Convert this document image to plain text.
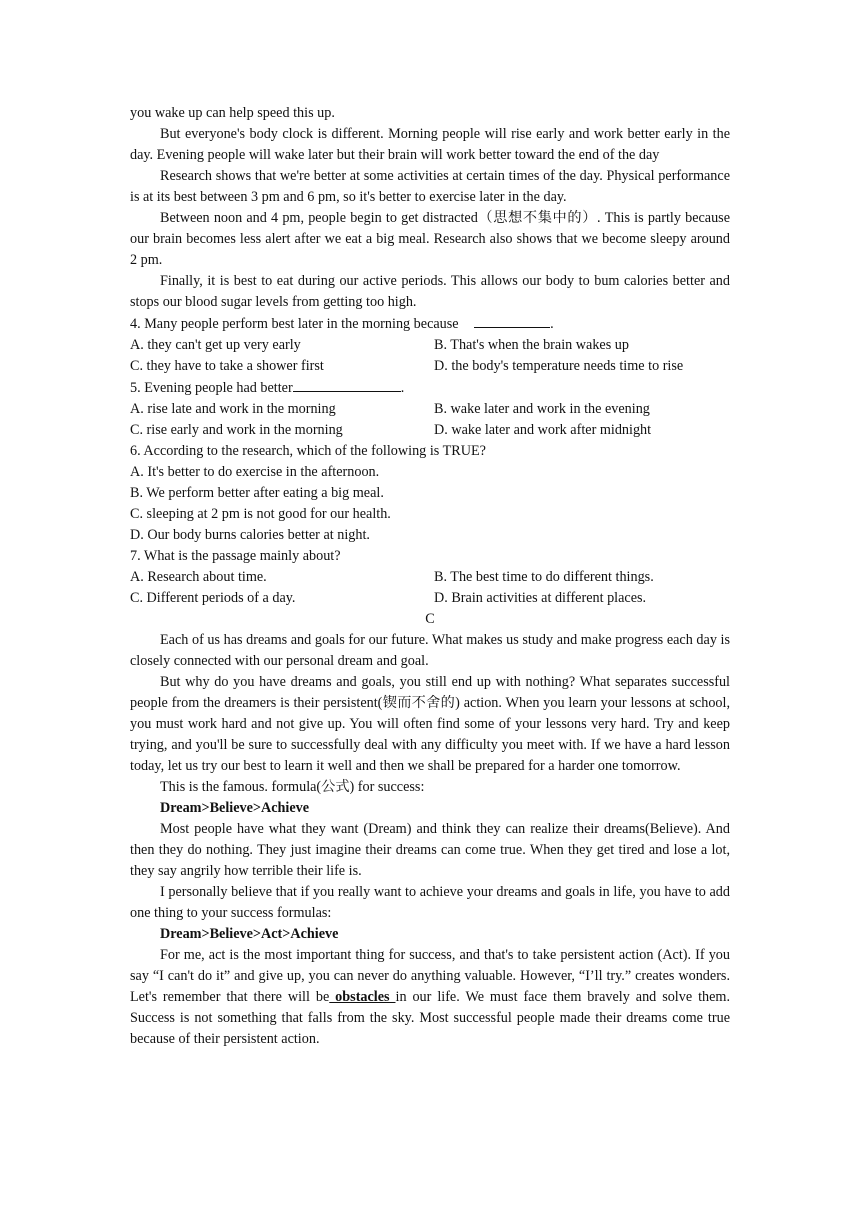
you wake up can help speed this up.

But everyone's body clock is different. Morning people will rise early and work better early in the day. Evening people will wake later but their brain will work better toward the end of the day

Research shows that we're better at some activities at certain times of the day. Physical performance is at its best between 3 pm and 6 pm, so it's better to exercise later in the day.

Between noon and 4 pm, people begin to get distracted（思想不集中的）. This is partly because our brain becomes less alert after we eat a big meal. Research also shows that we become sleepy around 2 pm.

Finally, it is best to eat during our active periods. This allows our body to bum calories better and stops our blood sugar levels from getting too high.

4. Many people perform best later in the morning because	.

A. they can't get up very early	B. That's when the brain wakes up
C. they have to take a shower first	D. the body's temperature needs time to rise

5. Evening people had better	.

A. rise late and work in the morning	B. wake later and work in the evening
C. rise early and work in the morning	D. wake later and work after midnight

6. According to the research, which of the following is TRUE?

A. It's better to do exercise in the afternoon.

B. We perform better after eating a big meal.

C. sleeping at 2 pm is not good for our health.

D. Our body burns calories better at night.

7. What is the passage mainly about?

A. Research about time.	B. The best time to do different things.
C. Different periods of a day.	D. Brain activities at different places.

C

Each of us has dreams and goals for our future. What makes us study and make progress each day is closely connected with our personal dream and goal.

But why do you have dreams and goals, you still end up with nothing? What separates successful people from the dreamers is their persistent(锲而不舍的) action. When you learn your lessons at school, you must work hard and not give up. You will often find some of your lessons very hard. Try and keep trying, and you'll be sure to successfully deal with any difficulty you meet with. If we have a hard lesson today, let us try our best to learn it well and then we shall be prepared for a harder one tomorrow.

This is the famous. formula(公式) for success:

Dream>Believe>Achieve

Most people have what they want (Dream) and think they can realize their dreams(Believe). And then they do nothing. They just imagine their dreams can come true. When they get tired and lose a lot, they say angrily how terrible their life is.

I personally believe that if you really want to achieve your dreams and goals in life, you have to add one thing to your success formulas:

Dream>Believe>Act>Achieve

For me, act is the most important thing for success, and that's to take persistent action (Act). If you say “I can't do it” and give up, you can never do anything valuable. However, “I’ll try.” creates wonders. Let's remember that there will be obstacles in our life. We must face them bravely and solve them. Success is not something that falls from the sky. Most successful people made their dreams come true because of their persistent action.
